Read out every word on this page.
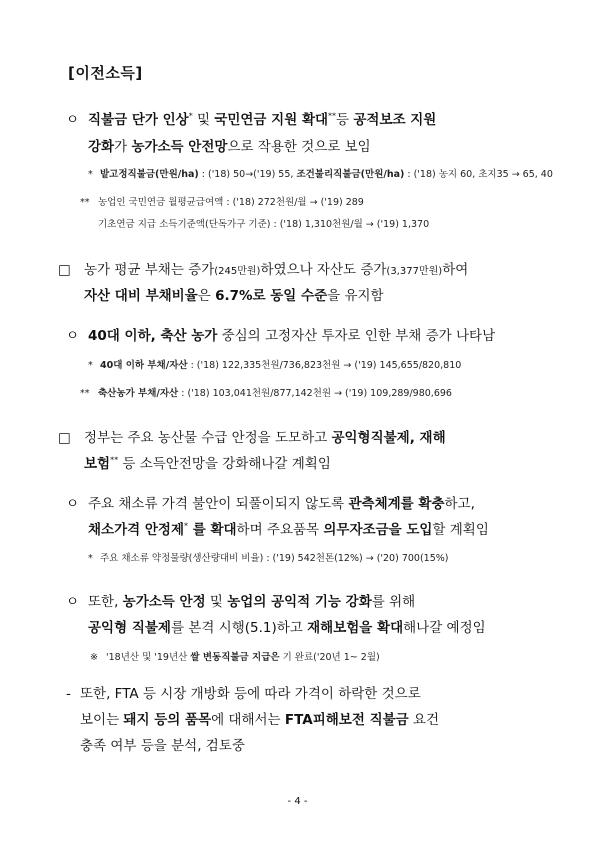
[이전소득]
ㅇ 직불금 단가 인상* 및 국민연금 지원 확대**등 공적보조 지원
강화가 농가소득 안전망으로 작용한 것으로 보임
* 밭고정직불금(만원/ha) : ('18) 50→('19) 55, 조건불리직불금(만원/ha) : ('18) 농지 60, 초지35 → 65, 40
** 농업인 국민연금 월평균급여액 : ('18) 272천원/월 → ('19) 289
기초연금 지급 소득기준액(단독가구 기준) : ('18) 1,310천원/월 → ('19) 1,370
□ 농가 평균 부채는 증가(245만원)하였으나 자산도 증가(3,377만원)하여
자산 대비 부채비율은 6.7%로 동일 수준을 유지함
ㅇ 40대 이하, 축산 농가 중심의 고정자산 투자로 인한 부채 증가 나타남
* 40대 이하 부채/자산 : ('18) 122,335천원/736,823천원 → ('19) 145,655/820,810
** 축산농가 부채/자산 : ('18) 103,041천원/877,142천원 → ('19) 109,289/980,696
□ 정부는 주요 농산물 수급 안정을 도모하고 공익형직불제, 재해
보험** 등 소득안전망을 강화해나갈 계획임
ㅇ 주요 채소류 가격 불안이 되풀이되지 않도록 관측체계를 확충하고,
채소가격 안정제* 를 확대하며 주요품목 의무자조금을 도입할 계획임
* 주요 채소류 약정물량(생산량대비 비율) : ('19) 542천톤(12%) → ('20) 700(15%)
ㅇ 또한, 농가소득 안정 및 농업의 공익적 기능 강화를 위해
공익형 직불제를 본격 시행(5.1)하고 재해보험을 확대해나갈 예정임
※ '18년산 및 '19년산 쌀 변동직불금 지급은 기 완료('20년 1~ 2월)
- 또한, FTA 등 시장 개방화 등에 따라 가격이 하락한 것으로
보이는 돼지 등의 품목에 대해서는 FTA피해보전 직불금 요건
충족 여부 등을 분석, 검토중
- 4 -
